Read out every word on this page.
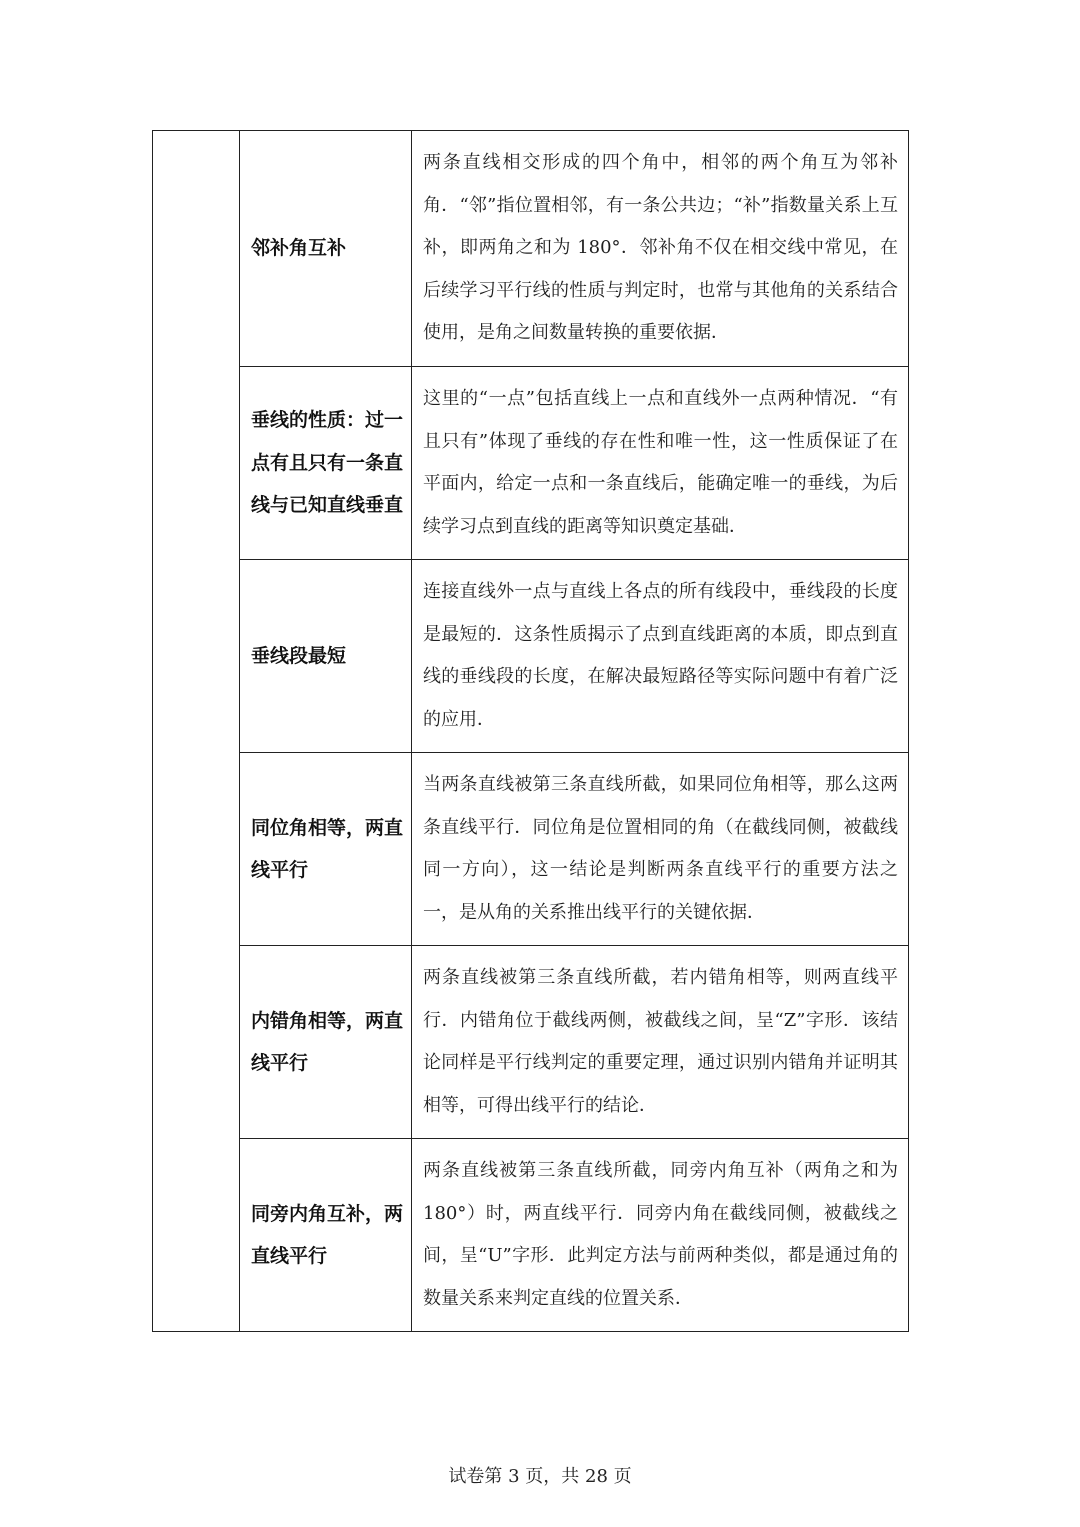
	邻补角互补	两条直线相交形成的四个角中，相邻的两个角互为邻补角．“邻”指位置相邻，有一条公共边；“补”指数量关系上互补，即两角之和为 180°．邻补角不仅在相交线中常见，在后续学习平行线的性质与判定时，也常与其他角的关系结合使用，是角之间数量转换的重要依据．
	垂线的性质：过一点有且只有一条直线与已知直线垂直	这里的“一点”包括直线上一点和直线外一点两种情况．“有且只有”体现了垂线的存在性和唯一性，这一性质保证了在平面内，给定一点和一条直线后，能确定唯一的垂线，为后续学习点到直线的距离等知识奠定基础．
	垂线段最短	连接直线外一点与直线上各点的所有线段中，垂线段的长度是最短的．这条性质揭示了点到直线距离的本质，即点到直线的垂线段的长度，在解决最短路径等实际问题中有着广泛的应用．
	同位角相等，两直线平行	当两条直线被第三条直线所截，如果同位角相等，那么这两条直线平行．同位角是位置相同的角（在截线同侧，被截线同一方向），这一结论是判断两条直线平行的重要方法之一，是从角的关系推出线平行的关键依据．
	内错角相等，两直线平行	两条直线被第三条直线所截，若内错角相等，则两直线平行．内错角位于截线两侧，被截线之间，呈“Z”字形．该结论同样是平行线判定的重要定理，通过识别内错角并证明其相等，可得出线平行的结论．
	同旁内角互补，两直线平行	两条直线被第三条直线所截，同旁内角互补（两角之和为 180°）时，两直线平行．同旁内角在截线同侧，被截线之间，呈“U”字形．此判定方法与前两种类似，都是通过角的数量关系来判定直线的位置关系．
试卷第 3 页，共 28 页
